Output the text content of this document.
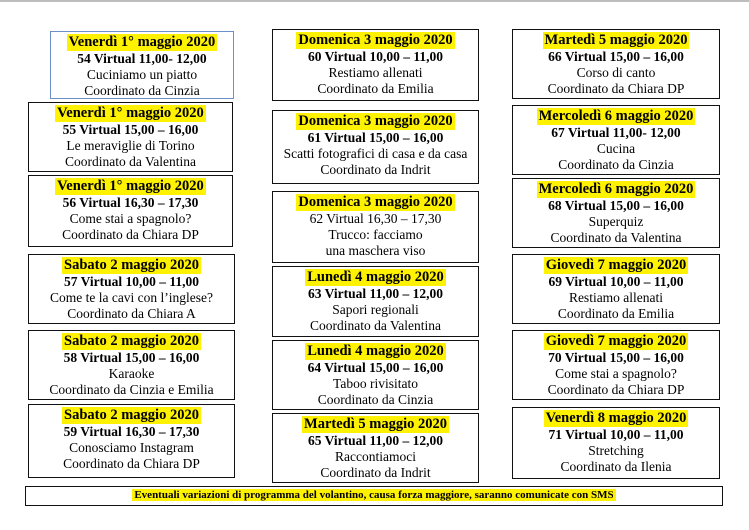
Venerdì 1° maggio 2020
54 Virtual 11,00- 12,00
Cuciniamo un piatto
Coordinato da Cinzia
Venerdì 1° maggio 2020
55 Virtual 15,00 – 16,00
Le meraviglie di Torino
Coordinato da Valentina
Venerdì 1° maggio 2020
56 Virtual 16,30 – 17,30
Come stai a spagnolo?
Coordinato da Chiara DP
Sabato 2 maggio 2020
57 Virtual 10,00 – 11,00
Come te la cavi con l’inglese?
Coordinato da Chiara A
Sabato 2 maggio 2020
58 Virtual 15,00 – 16,00
Karaoke
Coordinato da Cinzia e Emilia
Sabato 2 maggio 2020
59 Virtual 16,30 – 17,30
Conosciamo Instagram
Coordinato da Chiara DP
Domenica 3 maggio 2020
60 Virtual 10,00 – 11,00
Restiamo allenati
Coordinato da Emilia
Domenica 3 maggio 2020
61 Virtual 15,00 – 16,00
Scatti fotografici di casa e da casa
Coordinato da Indrit
Domenica 3 maggio 2020
62 Virtual 16,30 – 17,30
Trucco: facciamo
una maschera viso
Lunedì 4 maggio 2020
63 Virtual 11,00 – 12,00
Sapori regionali
Coordinato da Valentina
Lunedì 4 maggio 2020
64 Virtual 15,00 – 16,00
Taboo rivisitato
Coordinato da Cinzia
Martedì 5 maggio 2020
65 Virtual 11,00 – 12,00
Raccontiamoci
Coordinato da Indrit
Martedì 5 maggio 2020
66 Virtual 15,00 – 16,00
Corso di canto
Coordinato da Chiara DP
Mercoledì 6 maggio 2020
67 Virtual 11,00- 12,00
Cucina
Coordinato da Cinzia
Mercoledì 6 maggio 2020
68 Virtual 15,00 – 16,00
Superquiz
Coordinato da Valentina
Giovedì 7 maggio 2020
69 Virtual 10,00 – 11,00
Restiamo allenati
Coordinato da Emilia
Giovedì 7 maggio 2020
70 Virtual 15,00 – 16,00
Come stai a spagnolo?
Coordinato da Chiara DP
Venerdì 8 maggio 2020
71 Virtual 10,00 – 11,00
Stretching
Coordinato da Ilenia
Eventuali variazioni di programma del volantino, causa forza maggiore, saranno comunicate con SMS
